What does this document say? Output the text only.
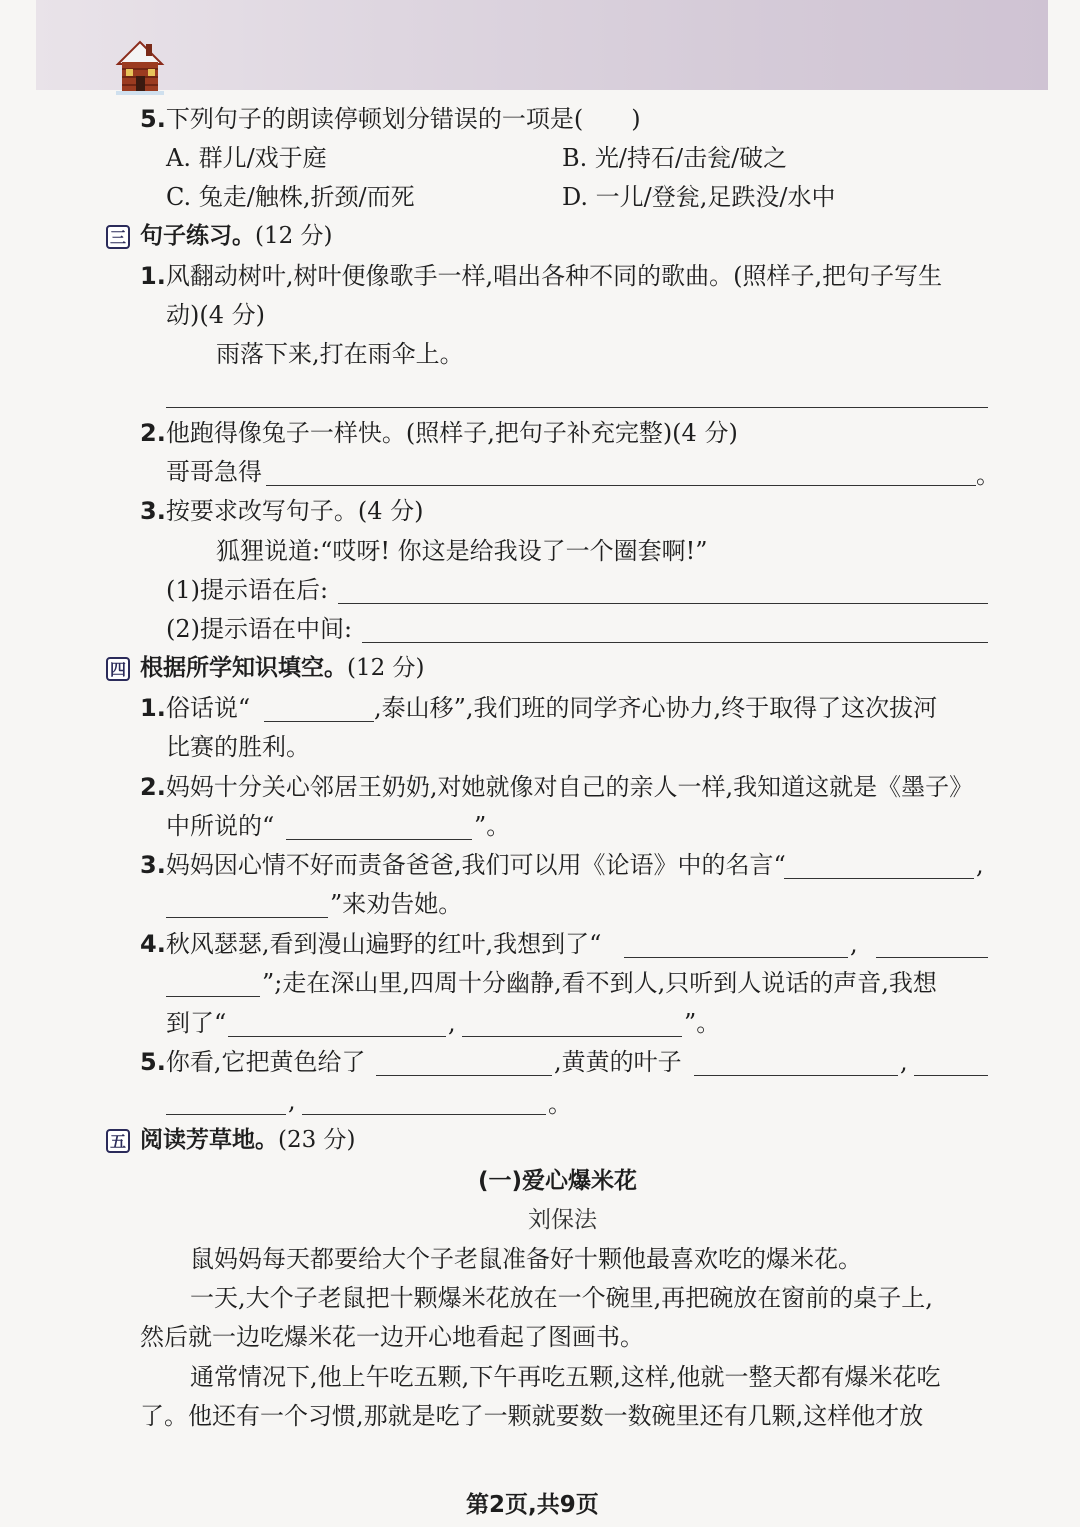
5.下列句子的朗读停顿划分错误的一项是(　　)
A. 群儿/戏于庭	B. 光/持石/击瓮/破之
C. 兔走/触株,折颈/而死	D. 一儿/登瓮,足跌没/水中
三 句子练习。(12 分)
1.风翻动树叶,树叶便像歌手一样,唱出各种不同的歌曲。(照样子,把句子写生
动)(4 分)
雨落下来,打在雨伞上。
2.他跑得像兔子一样快。(照样子,把句子补充完整)(4 分)
哥哥急得	。
3.按要求改写句子。(4 分)
狐狸说道:“哎呀! 你这是给我设了一个圈套啊!”
(1)提示语在后:
(2)提示语在中间:
四 根据所学知识填空。(12 分)
1.俗话说“	,泰山移”,我们班的同学齐心协力,终于取得了这次拔河
比赛的胜利。
2.妈妈十分关心邻居王奶奶,对她就像对自己的亲人一样,我知道这就是《墨子》
中所说的“	”。
3.妈妈因心情不好而责备爸爸,我们可以用《论语》中的名言“	,
”来劝告她。
4.秋风瑟瑟,看到漫山遍野的红叶,我想到了“	,
”;走在深山里,四周十分幽静,看不到人,只听到人说话的声音,我想
到了“	,	”。
5.你看,它把黄色给了	,黄黄的叶子	,
,	。
五 阅读芳草地。(23 分)
(一)爱心爆米花
刘保法
鼠妈妈每天都要给大个子老鼠准备好十颗他最喜欢吃的爆米花。
一天,大个子老鼠把十颗爆米花放在一个碗里,再把碗放在窗前的桌子上,
然后就一边吃爆米花一边开心地看起了图画书。
通常情况下,他上午吃五颗,下午再吃五颗,这样,他就一整天都有爆米花吃
了。他还有一个习惯,那就是吃了一颗就要数一数碗里还有几颗,这样他才放
第2页,共9页
